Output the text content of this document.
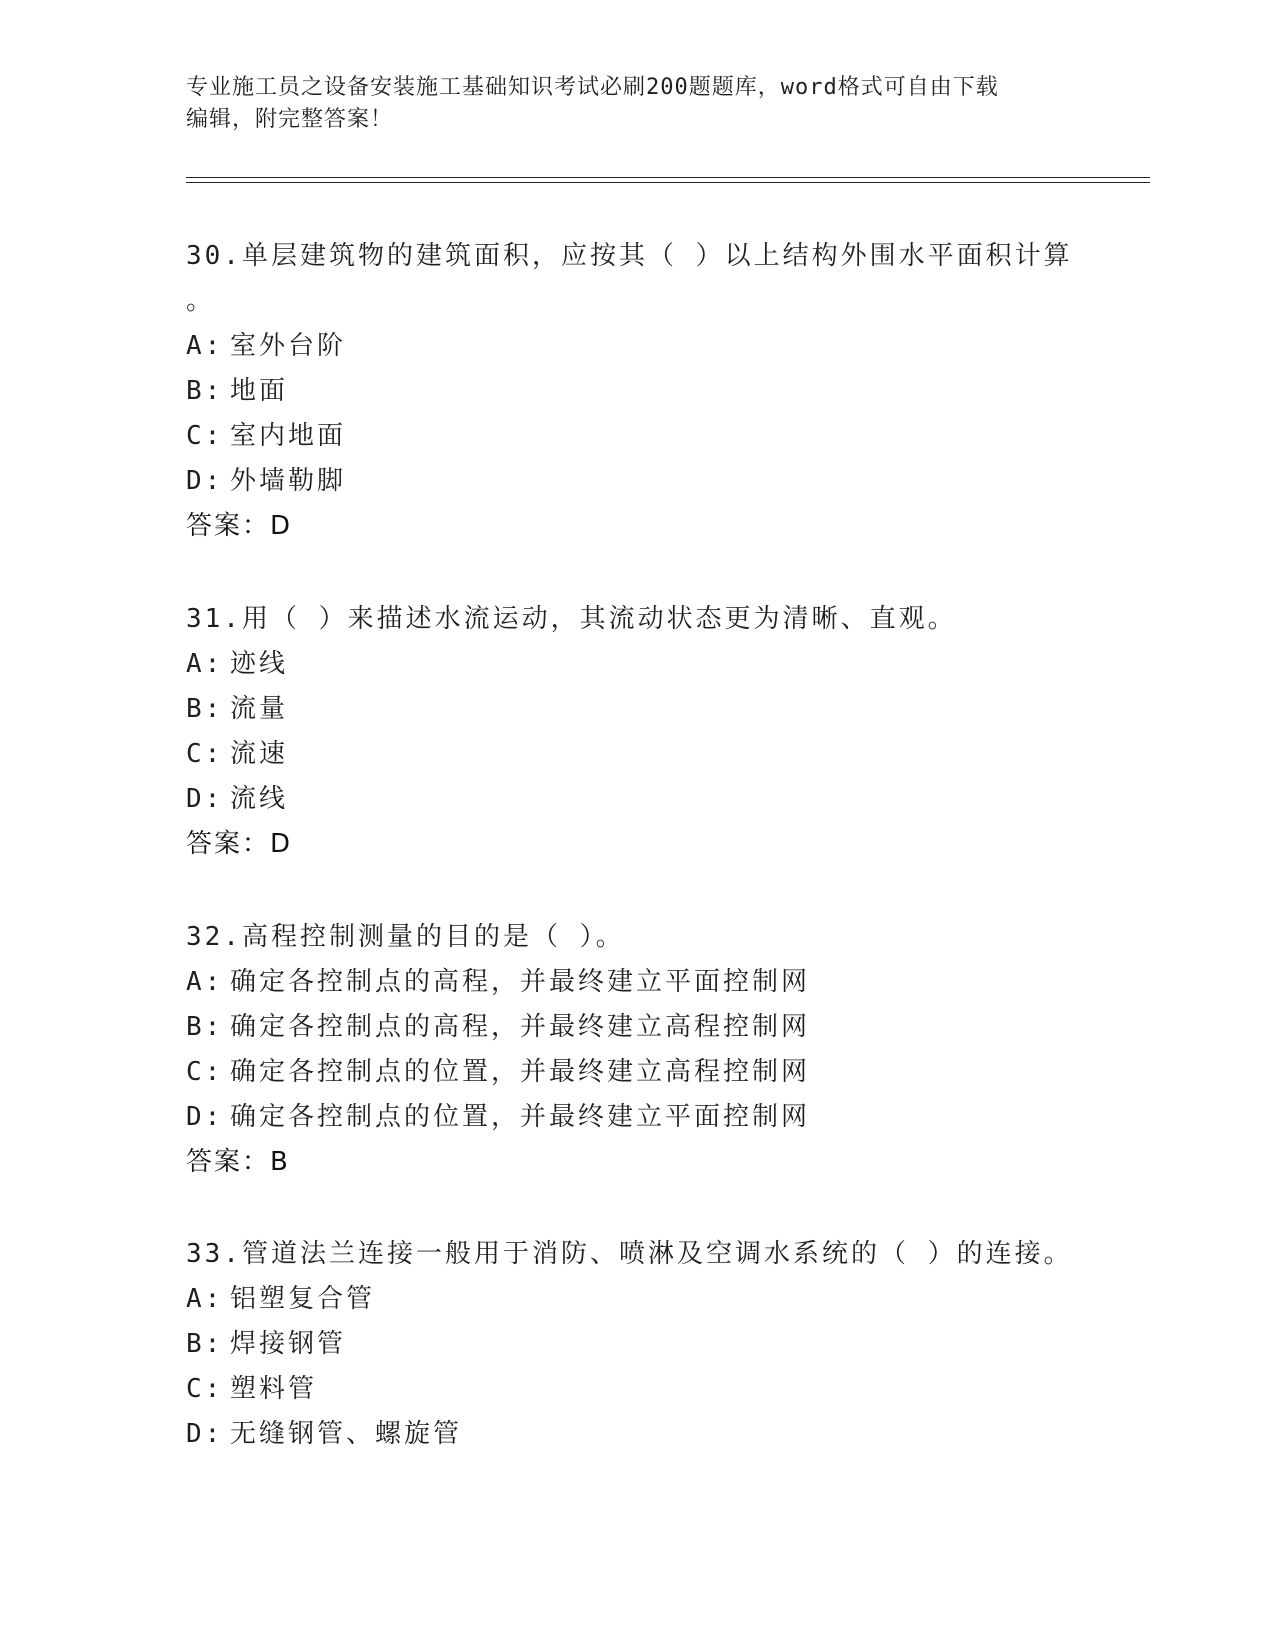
专业施工员之设备安装施工基础知识考试必刷200题题库，word格式可自由下载
编辑，附完整答案！
30.单层建筑物的建筑面积，应按其（ ）以上结构外围水平面积计算
。
A: 室外台阶
B: 地面
C: 室内地面
D: 外墙勒脚
答案：D
31.用（ ）来描述水流运动，其流动状态更为清晰、直观。
A: 迹线
B: 流量
C: 流速
D: 流线
答案：D
32.高程控制测量的目的是（ ）。
A: 确定各控制点的高程，并最终建立平面控制网
B: 确定各控制点的高程，并最终建立高程控制网
C: 确定各控制点的位置，并最终建立高程控制网
D: 确定各控制点的位置，并最终建立平面控制网
答案：B
33.管道法兰连接一般用于消防、喷淋及空调水系统的（ ）的连接。
A: 铝塑复合管
B: 焊接钢管
C: 塑料管
D: 无缝钢管、螺旋管
